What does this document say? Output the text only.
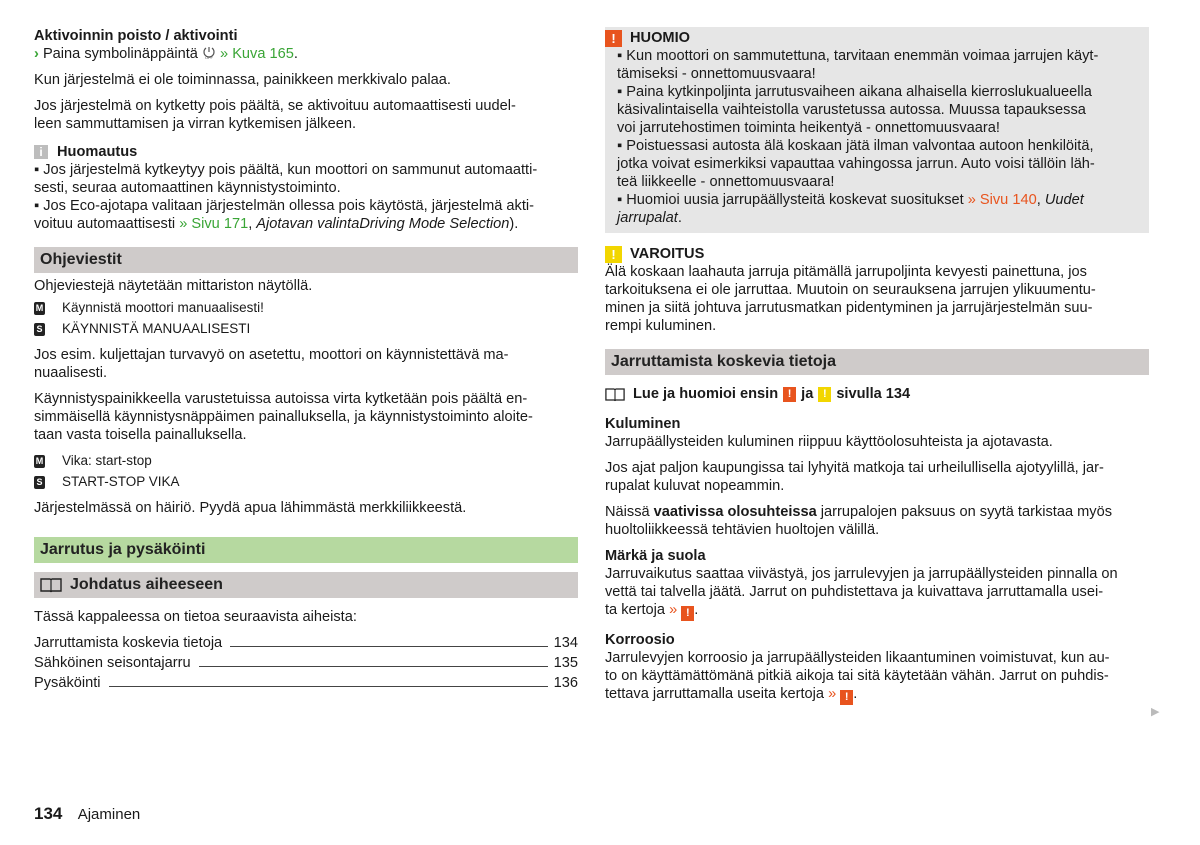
Aktivoinnin poisto / aktivointi

› Paina symbolinäppäintä OFF » Kuva 165.

Kun järjestelmä ei ole toiminnassa, painikkeen merkkivalo palaa.

Jos järjestelmä on kytketty pois päältä, se aktivoituu automaattisesti uudel-

leen sammuttamisen ja virran kytkemisen jälkeen.

i Huomautus

▪ Jos järjestelmä kytkeytyy pois päältä, kun moottori on sammunut automaatti-

sesti, seuraa automaattinen käynnistystoiminto.

▪ Jos Eco-ajotapa valitaan järjestelmän ollessa pois käytöstä, järjestelmä akti-

voituu automaattisesti » Sivu 171, Ajotavan valintaDriving Mode Selection).

Ohjeviestit

Ohjeviestejä näytetään mittariston näytöllä.

M Käynnistä moottori manuaalisesti!
S KÄYNNISTÄ MANUAALISESTI

Jos esim. kuljettajan turvavyö on asetettu, moottori on käynnistettävä ma-

nuaalisesti.

Käynnistyspainikkeella varustetuissa autoissa virta kytketään pois päältä en-

simmäisellä käynnistysnäppäimen painalluksella, ja käynnistystoiminto aloite-

taan vasta toisella painalluksella.

M Vika: start-stop
S START-STOP VIKA

Järjestelmässä on häiriö. Pyydä apua lähimmästä merkkiliikkeestä.

Jarrutus ja pysäköinti
Johdatus aiheeseen

Tässä kappaleessa on tietoa seuraavista aiheista:

Jarruttamista koskevia tietoja	134
Sähköinen seisontajarru	135
Pysäköinti	136
! HUOMIO

▪ Kun moottori on sammutettuna, tarvitaan enemmän voimaa jarrujen käyt-

tämiseksi - onnettomuusvaara!

▪ Paina kytkinpoljinta jarrutusvaiheen aikana alhaisella kierroslukualueella

käsivalintaisella vaihteistolla varustetussa autossa. Muussa tapauksessa

voi jarrutehostimen toiminta heikentyä - onnettomuusvaara!

▪ Poistuessasi autosta älä koskaan jätä ilman valvontaa autoon henkilöitä,

jotka voivat esimerkiksi vapauttaa vahingossa jarrun. Auto voisi tällöin läh-

teä liikkeelle - onnettomuusvaara!

▪ Huomioi uusia jarrupäällysteitä koskevat suositukset » Sivu 140, Uudet

jarrupalat.

! VAROITUS

Älä koskaan laahauta jarruja pitämällä jarrupoljinta kevyesti painettuna, jos

tarkoituksena ei ole jarruttaa. Muutoin on seurauksena jarrujen ylikuumentu-

minen ja siitä johtuva jarrutusmatkan pidentyminen ja jarrujärjestelmän suu-

rempi kuluminen.

Jarruttamista koskevia tietoja
Lue ja huomioi ensin ! ja ! sivulla 134

Kuluminen

Jarrupäällysteiden kuluminen riippuu käyttöolosuhteista ja ajotavasta.

Jos ajat paljon kaupungissa tai lyhyitä matkoja tai urheilullisella ajotyylillä, jar-

rupalat kuluvat nopeammin.

Näissä vaativissa olosuhteissa jarrupalojen paksuus on syytä tarkistaa myös

huoltoliikkeessä tehtävien huoltojen välillä.

Märkä ja suola

Jarruvaikutus saattaa viivästyä, jos jarrulevyjen ja jarrupäällysteiden pinnalla on

vettä tai talvella jäätä. Jarrut on puhdistettava ja kuivattava jarruttamalla usei-

ta kertoja » ! .

Korroosio

Jarrulevyjen korroosio ja jarrupäällysteiden likaantuminen voimistuvat, kun au-

to on käyttämättömänä pitkiä aikoja tai sitä käytetään vähän. Jarrut on puhdis-

tettava jarruttamalla useita kertoja » ! .

▶
134 Ajaminen
